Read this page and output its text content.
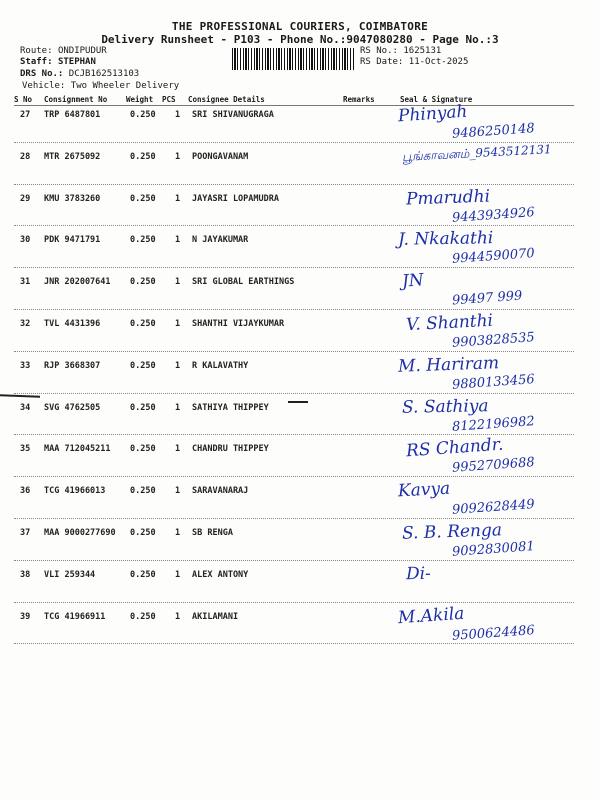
THE PROFESSIONAL COURIERS, COIMBATORE
Delivery Runsheet - P103 - Phone No.:9047080280 - Page No.:3
Route: ONDIPUDUR
Staff: STEPHAN
DRS No.: DCJB162513103
Vehicle: Two Wheeler Delivery
RS No.: 1625131
RS Date: 11-Oct-2025
S No Consignment No	Weight PCS Consignee Details	Remarks	Seal & Signature
27 TRP 6487801	0.250 1 SRI SHIVANUGRAGA	Phinyah
9486250148
28 MTR 2675092	0.250 1 POONGAVANAM	பூங்காவனம்_9543512131
29 KMU 3783260	0.250 1 JAYASRI LOPAMUDRA	Pmarudhi
9443934926
30 PDK 9471791	0.250 1 N JAYAKUMAR	J. Nkakathi
9944590070
31 JNR 202007641 0.250 1 SRI GLOBAL EARTHINGS	JN
99497 999
32 TVL 4431396	0.250 1 SHANTHI VIJAYKUMAR	V. Shanthi
9903828535
33 RJP 3668307	0.250 1 R KALAVATHY	M. Hariram
9880133456
34 SVG 4762505	0.250 1 SATHIYA THIPPEY	S. Sathiya
8122196982
35 MAA 712045211 0.250 1 CHANDRU THIPPEY	RS Chandr.
9952709688
36 TCG 41966013	0.250 1 SARAVANARAJ	Kavya
9092628449
37 MAA 9000277690 0.250 1 SB RENGA	S. B. Renga
9092830081
38 VLI 259344	0.250 1 ALEX ANTONY	Di-
39 TCG 41966911	0.250 1 AKILAMANI	M.Akila
9500624486
